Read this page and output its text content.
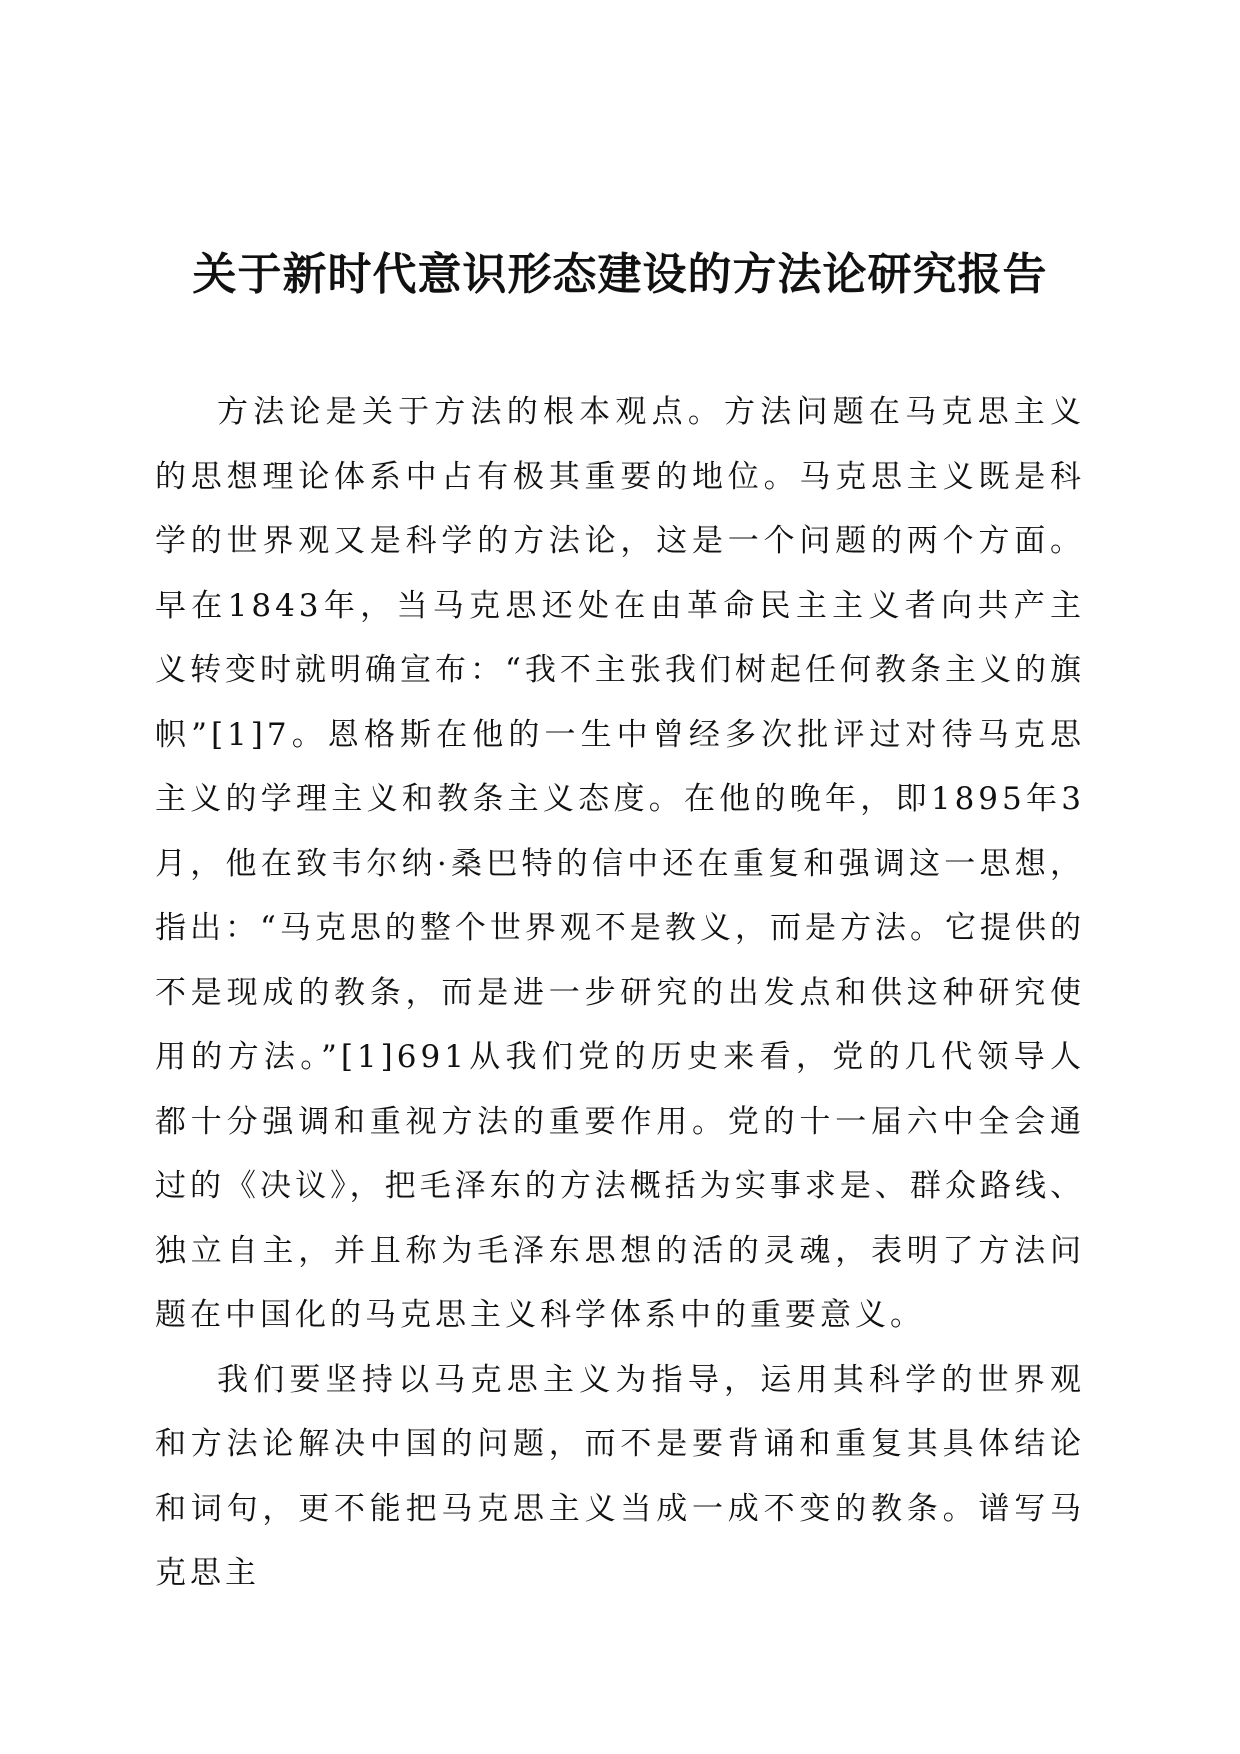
关于新时代意识形态建设的方法论研究报告

方法论是关于方法的根本观点。方法问题在马克思主义的思想理论体系中占有极其重要的地位。马克思主义既是科学的世界观又是科学的方法论，这是一个问题的两个方面。早在1843年，当马克思还处在由革命民主主义者向共产主义转变时就明确宣布：“我不主张我们树起任何教条主义的旗帜”[1]7。恩格斯在他的一生中曾经多次批评过对待马克思主义的学理主义和教条主义态度。在他的晚年，即1895年3月，他在致韦尔纳·桑巴特的信中还在重复和强调这一思想，指出：“马克思的整个世界观不是教义，而是方法。它提供的不是现成的教条，而是进一步研究的出发点和供这种研究使用的方法。”[1]691从我们党的历史来看，党的几代领导人都十分强调和重视方法的重要作用。党的十一届六中全会通过的《决议》，把毛泽东的方法概括为实事求是、群众路线、独立自主，并且称为毛泽东思想的活的灵魂，表明了方法问题在中国化的马克思主义科学体系中的重要意义。

我们要坚持以马克思主义为指导，运用其科学的世界观和方法论解决中国的问题，而不是要背诵和重复其具体结论和词句，更不能把马克思主义当成一成不变的教条。谱写马克思主
